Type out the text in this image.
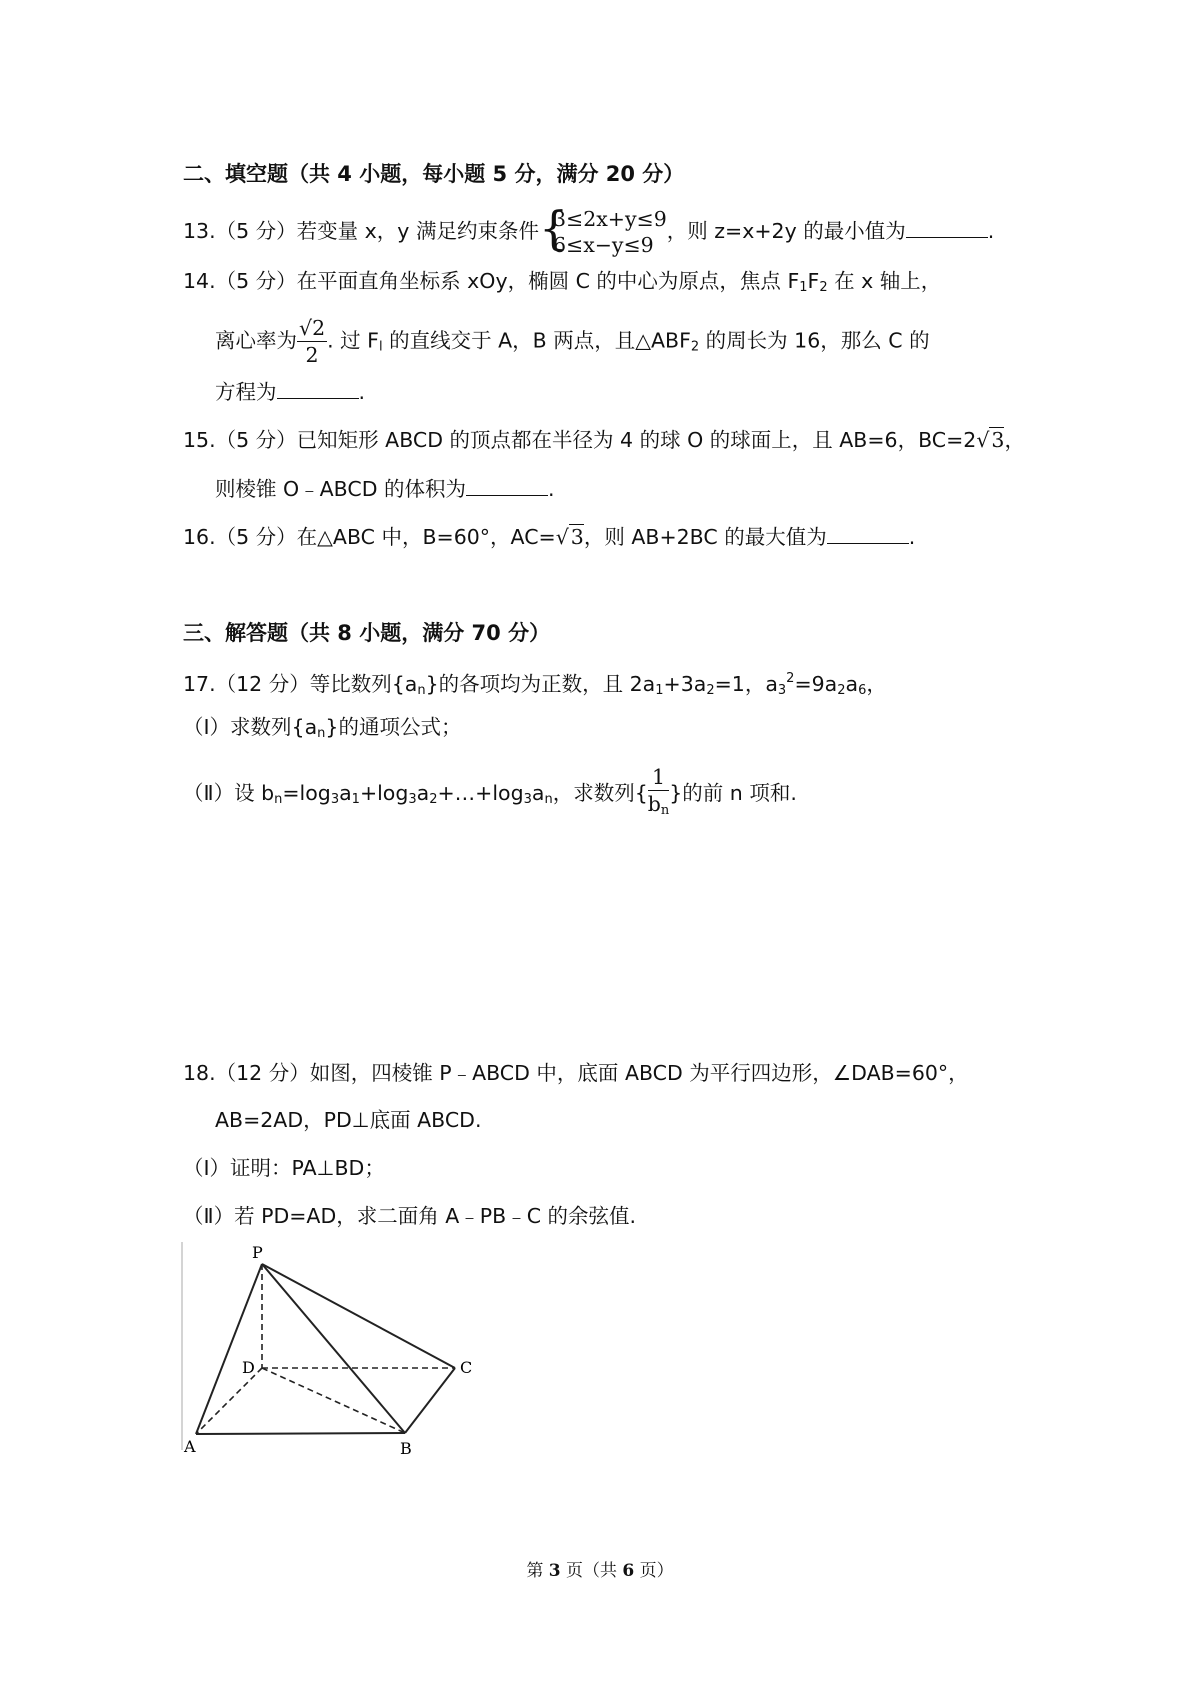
二、填空题（共 4 小题，每小题 5 分，满分 20 分）
13.（5 分）若变量 x，y 满足约束条件 {
3≤2x+y≤9
6≤x−y≤9
，则 z=x+2y 的最小值为	.
14.（5 分）在平面直角坐标系 xOy，椭圆 C 的中心为原点，焦点 $F_1F_2$ 在 x 轴上，
离心率为 $\frac{√2}{2}$ . 过 $F_l$ 的直线交于 A，B 两点，且$\triangle ABF_2$ 的周长为 16，那么 C 的
方程为	.
15.（5 分）已知矩形 ABCD 的顶点都在半径为 4 的球 O 的球面上，且 AB=6，BC=2√3，
则棱锥 O﹣ABCD 的体积为	.
16.（5 分）在△ABC 中，B=60°，AC=√3，则 AB+2BC 的最大值为	.
三、解答题（共 8 小题，满分 70 分）
17.（12 分）等比数列$\{a_n\}$的各项均为正数，且 $2a_1+3a_2=1$，$a_3^2=9a_2a_6$，
（Ⅰ）求数列$\{a_n\}$的通项公式；
（Ⅱ）设 $b_n=\log_3a_1+\log_3a_2+\dots+\log_3a_n$，求数列{ $\frac{1}{b_n}$ }的前 n 项和.
18.（12 分）如图，四棱锥 P﹣ABCD 中，底面 ABCD 为平行四边形，∠DAB=60°，
AB=2AD，PD⊥底面 ABCD.
（Ⅰ）证明：PA⊥BD；
（Ⅱ）若 PD=AD，求二面角 A﹣PB﹣C 的余弦值.
P
D	C
A	B
第 3 页（共 6 页）
